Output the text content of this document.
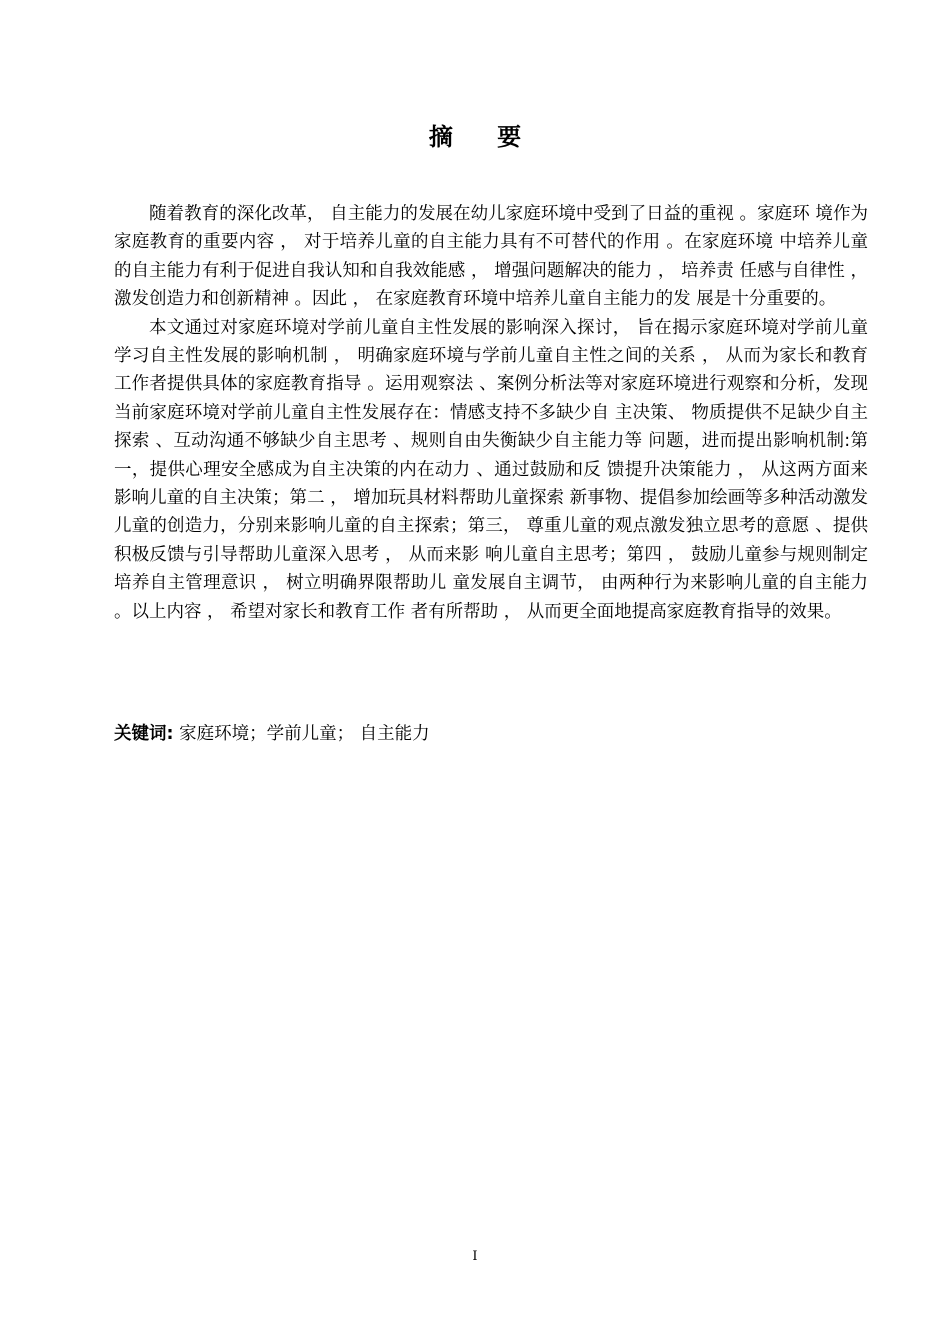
摘 要

随着教育的深化改革， 自主能力的发展在幼儿家庭环境中受到了日益的重视 。家庭环 境作为家庭教育的重要内容 ， 对于培养儿童的自主能力具有不可替代的作用 。在家庭环境 中培养儿童的自主能力有利于促进自我认知和自我效能感 ， 增强问题解决的能力 ， 培养责 任感与自律性 ， 激发创造力和创新精神 。因此 ， 在家庭教育环境中培养儿童自主能力的发 展是十分重要的。

本文通过对家庭环境对学前儿童自主性发展的影响深入探讨， 旨在揭示家庭环境对学前儿童学习自主性发展的影响机制 ， 明确家庭环境与学前儿童自主性之间的关系 ， 从而为家长和教育工作者提供具体的家庭教育指导 。运用观察法 、案例分析法等对家庭环境进行观察和分析，发现当前家庭环境对学前儿童自主性发展存在：情感支持不多缺少自 主决策、 物质提供不足缺少自主探索 、互动沟通不够缺少自主思考 、规则自由失衡缺少自主能力等 问题，进而提出影响机制:第一，提供心理安全感成为自主决策的内在动力 、通过鼓励和反 馈提升决策能力 ， 从这两方面来影响儿童的自主决策；第二 ， 增加玩具材料帮助儿童探索 新事物、提倡参加绘画等多种活动激发儿童的创造力，分别来影响儿童的自主探索；第三， 尊重儿童的观点激发独立思考的意愿 、提供积极反馈与引导帮助儿童深入思考 ， 从而来影 响儿童自主思考；第四 ， 鼓励儿童参与规则制定培养自主管理意识 ， 树立明确界限帮助儿 童发展自主调节， 由两种行为来影响儿童的自主能力 。以上内容 ， 希望对家长和教育工作 者有所帮助 ， 从而更全面地提高家庭教育指导的效果。

关键词: 家庭环境；学前儿童； 自主能力
I
